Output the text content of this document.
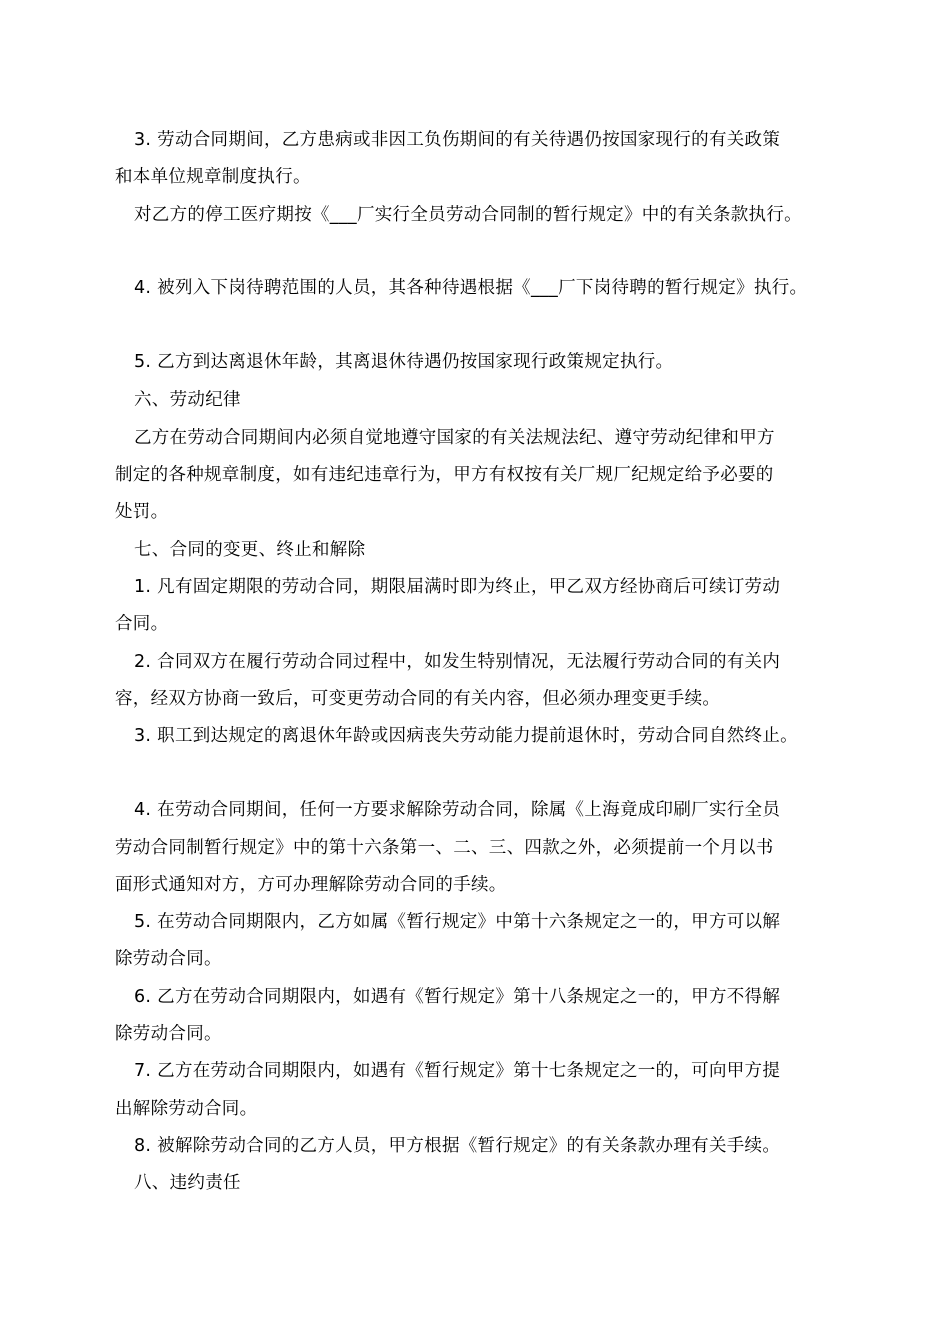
3. 劳动合同期间，乙方患病或非因工负伤期间的有关待遇仍按国家现行的有关政策
和本单位规章制度执行。
对乙方的停工医疗期按《___厂实行全员劳动合同制的暂行规定》中的有关条款执行。
4. 被列入下岗待聘范围的人员，其各种待遇根据《___厂下岗待聘的暂行规定》执行。
5. 乙方到达离退休年龄，其离退休待遇仍按国家现行政策规定执行。
六、劳动纪律
乙方在劳动合同期间内必须自觉地遵守国家的有关法规法纪、遵守劳动纪律和甲方
制定的各种规章制度，如有违纪违章行为，甲方有权按有关厂规厂纪规定给予必要的
处罚。
七、合同的变更、终止和解除
1. 凡有固定期限的劳动合同，期限届满时即为终止，甲乙双方经协商后可续订劳动
合同。
2. 合同双方在履行劳动合同过程中，如发生特别情况，无法履行劳动合同的有关内
容，经双方协商一致后，可变更劳动合同的有关内容，但必须办理变更手续。
3. 职工到达规定的离退休年龄或因病丧失劳动能力提前退休时，劳动合同自然终止。
4. 在劳动合同期间，任何一方要求解除劳动合同，除属《上海竟成印刷厂实行全员
劳动合同制暂行规定》中的第十六条第一、二、三、四款之外，必须提前一个月以书
面形式通知对方，方可办理解除劳动合同的手续。
5. 在劳动合同期限内，乙方如属《暂行规定》中第十六条规定之一的，甲方可以解
除劳动合同。
6. 乙方在劳动合同期限内，如遇有《暂行规定》第十八条规定之一的，甲方不得解
除劳动合同。
7. 乙方在劳动合同期限内，如遇有《暂行规定》第十七条规定之一的，可向甲方提
出解除劳动合同。
8. 被解除劳动合同的乙方人员，甲方根据《暂行规定》的有关条款办理有关手续。
八、违约责任
